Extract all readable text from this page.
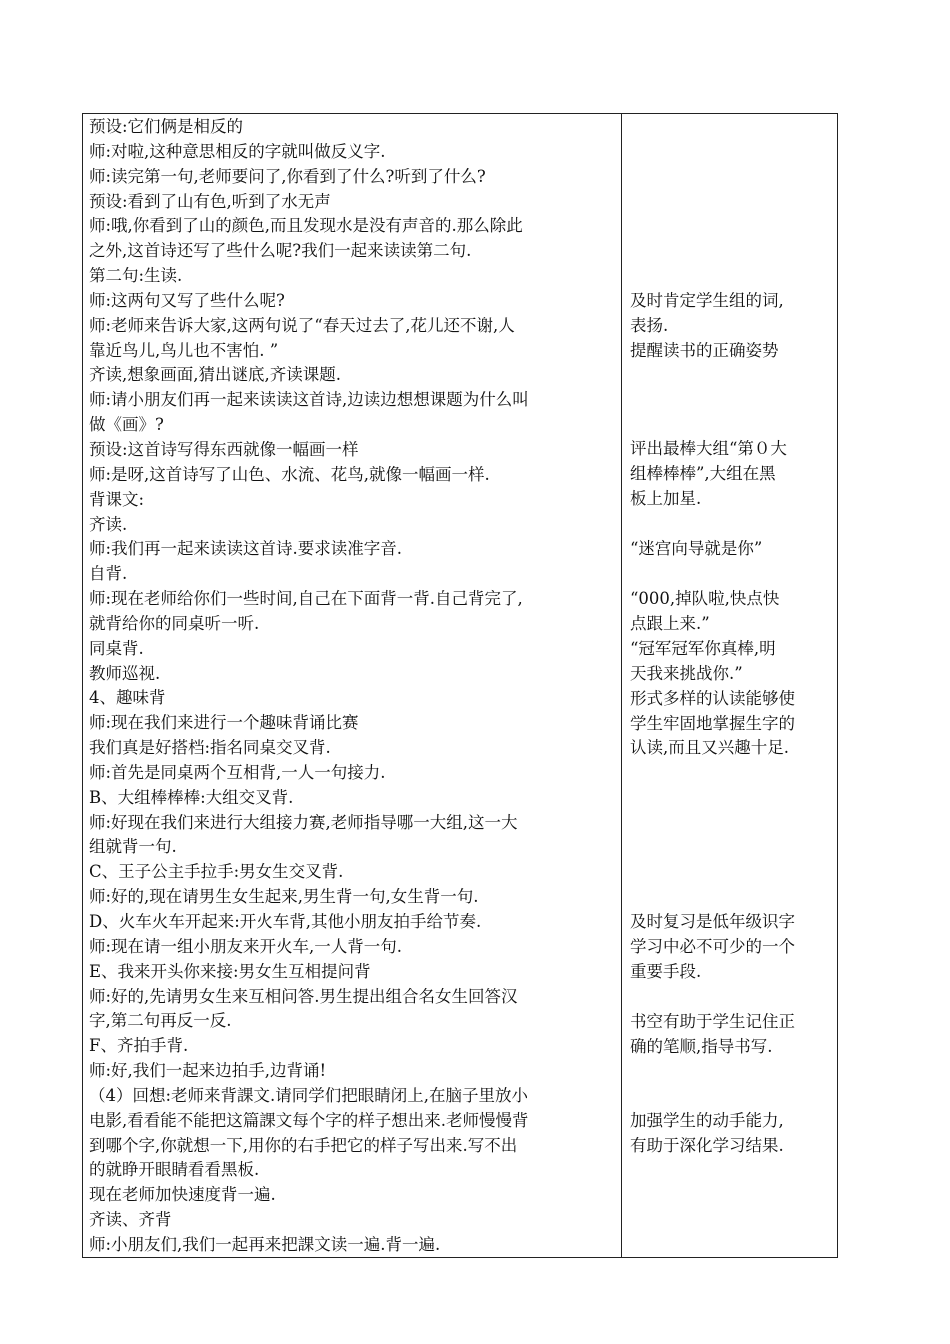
预设:它们俩是相反的
师:对啦,这种意思相反的字就叫做反义字.
师:读完第一句,老师要问了,你看到了什么?听到了什么?
预设:看到了山有色,听到了水无声
师:哦,你看到了山的颜色,而且发现水是没有声音的.那么除此
之外,这首诗还写了些什么呢?我们一起来读读第二句.
第二句:生读.
师:这两句又写了些什么呢?
师:老师来告诉大家,这两句说了“春天过去了,花儿还不谢,人
靠近鸟儿,鸟儿也不害怕. ”
齐读,想象画面,猜出谜底,齐读课题.
师:请小朋友们再一起来读读这首诗,边读边想想课题为什么叫
做《画》?
预设:这首诗写得东西就像一幅画一样
师:是呀,这首诗写了山色、水流、花鸟,就像一幅画一样.
背课文:
齐读.
师:我们再一起来读读这首诗.要求读准字音.
自背.
师:现在老师给你们一些时间,自己在下面背一背.自己背完了,
就背给你的同桌听一听.
同桌背.
教师巡视.
4、趣味背
师:现在我们来进行一个趣味背诵比赛
我们真是好搭档:指名同桌交叉背.
师:首先是同桌两个互相背,一人一句接力.
B、大组棒棒棒:大组交叉背.
师:好现在我们来进行大组接力赛,老师指导哪一大组,这一大
组就背一句.
C、王子公主手拉手:男女生交叉背.
师:好的,现在请男生女生起来,男生背一句,女生背一句.
D、火车火车开起来:开火车背,其他小朋友拍手给节奏.
师:现在请一组小朋友来开火车,一人背一句.
E、我来开头你来接:男女生互相提问背
师:好的,先请男女生来互相问答.男生提出组合名女生回答汉
字,第二句再反一反.
F、齐拍手背.
师:好,我们一起来边拍手,边背诵!
（4）回想:老师来背課文.请同学们把眼睛闭上,在脑子里放小
电影,看看能不能把这篇課文每个字的样子想出来.老师慢慢背
到哪个字,你就想一下,用你的右手把它的样子写出来.写不出
的就睁开眼睛看看黑板.
现在老师加快速度背一遍.
齐读、齐背
师:小朋友们,我们一起再来把課文读一遍.背一遍.
及时肯定学生组的词,
表扬.
提醒读书的正确姿势
评出最棒大组“第０大
组棒棒棒”,大组在黑
板上加星.
“迷宫向导就是你”
“000,掉队啦,快点快
点跟上来.”
“冠军冠军你真棒,明
天我来挑战你.”
形式多样的认读能够使
学生牢固地掌握生字的
认读,而且又兴趣十足.
及时复习是低年级识字
学习中必不可少的一个
重要手段.
书空有助于学生记住正
确的笔顺,指导书写.
加强学生的动手能力,
有助于深化学习结果.
